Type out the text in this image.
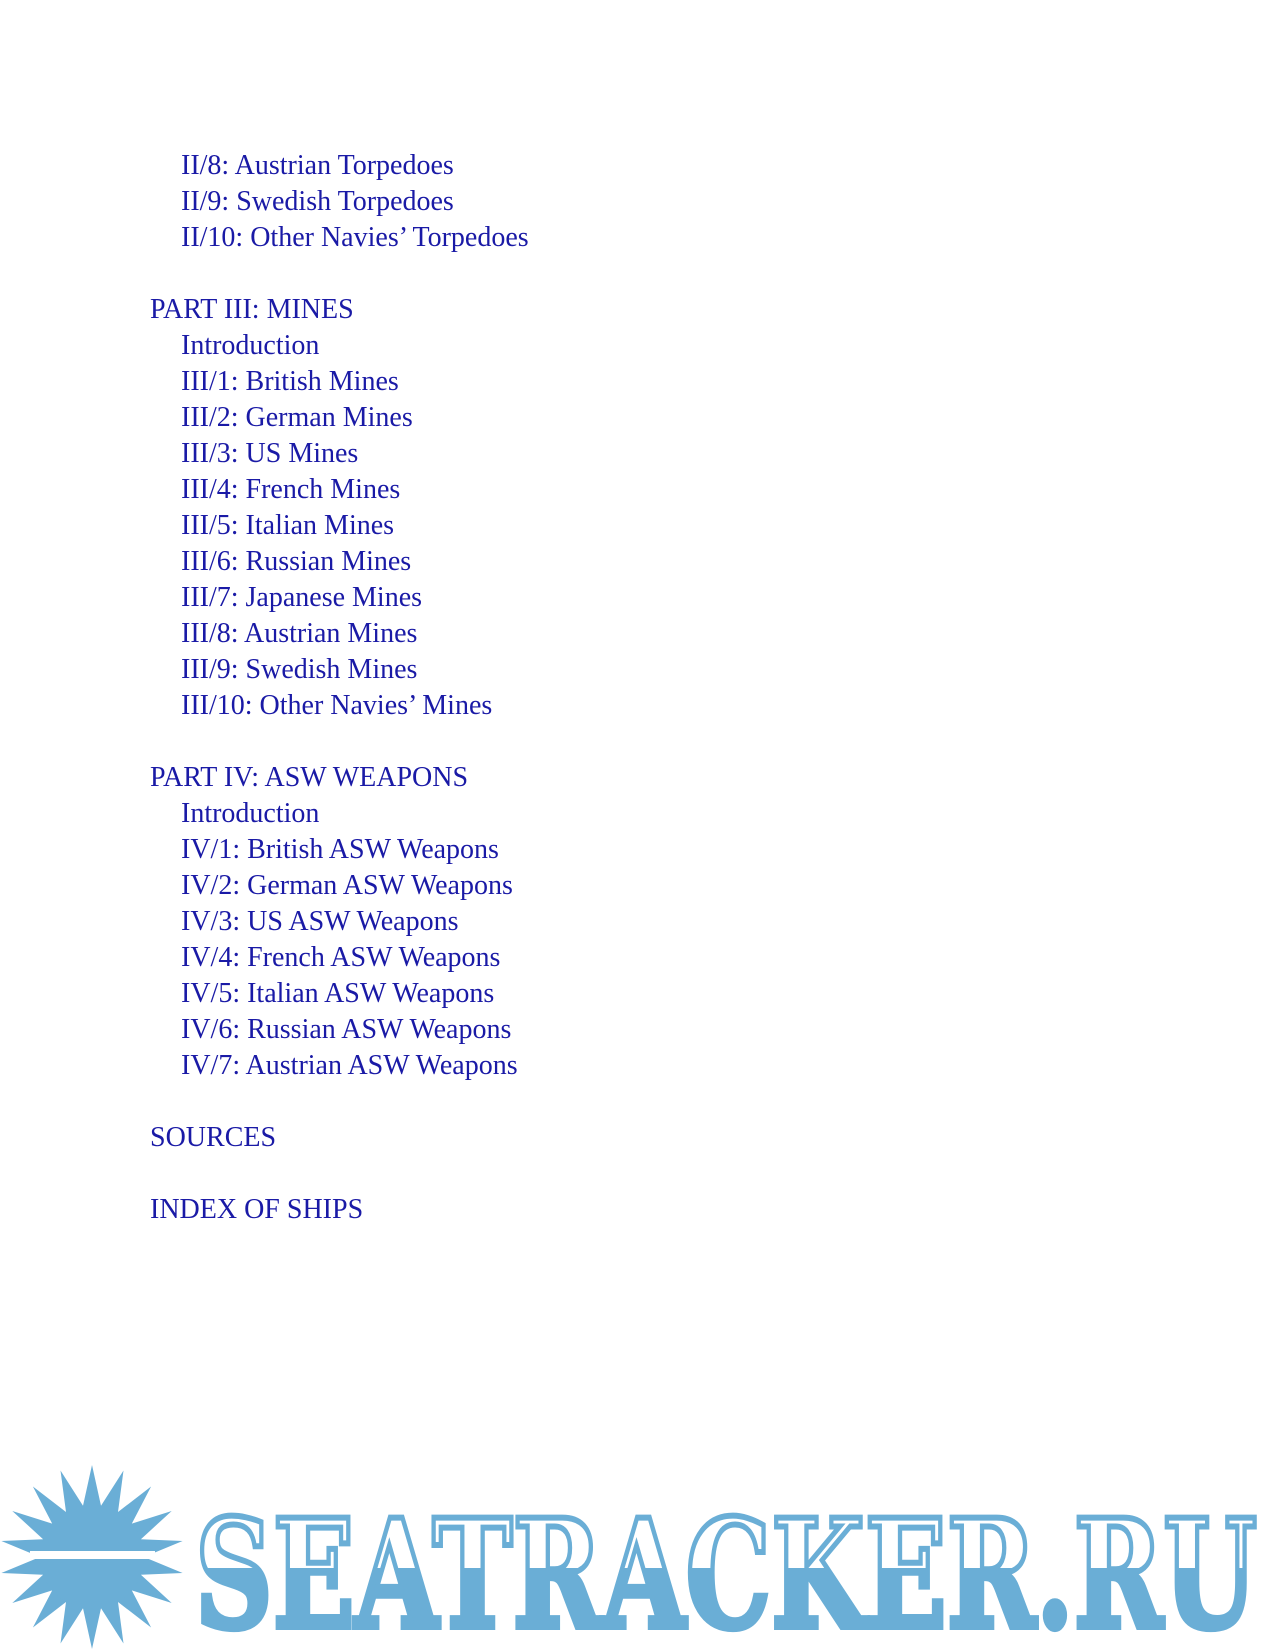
II/8: Austrian Torpedoes
II/9: Swedish Torpedoes
II/10: Other Navies’ Torpedoes
PART III: MINES
Introduction
III/1: British Mines
III/2: German Mines
III/3: US Mines
III/4: French Mines
III/5: Italian Mines
III/6: Russian Mines
III/7: Japanese Mines
III/8: Austrian Mines
III/9: Swedish Mines
III/10: Other Navies’ Mines
PART IV: ASW WEAPONS
Introduction
IV/1: British ASW Weapons
IV/2: German ASW Weapons
IV/3: US ASW Weapons
IV/4: French ASW Weapons
IV/5: Italian ASW Weapons
IV/6: Russian ASW Weapons
IV/7: Austrian ASW Weapons
SOURCES
INDEX OF SHIPS
SEATRACKER.RU
